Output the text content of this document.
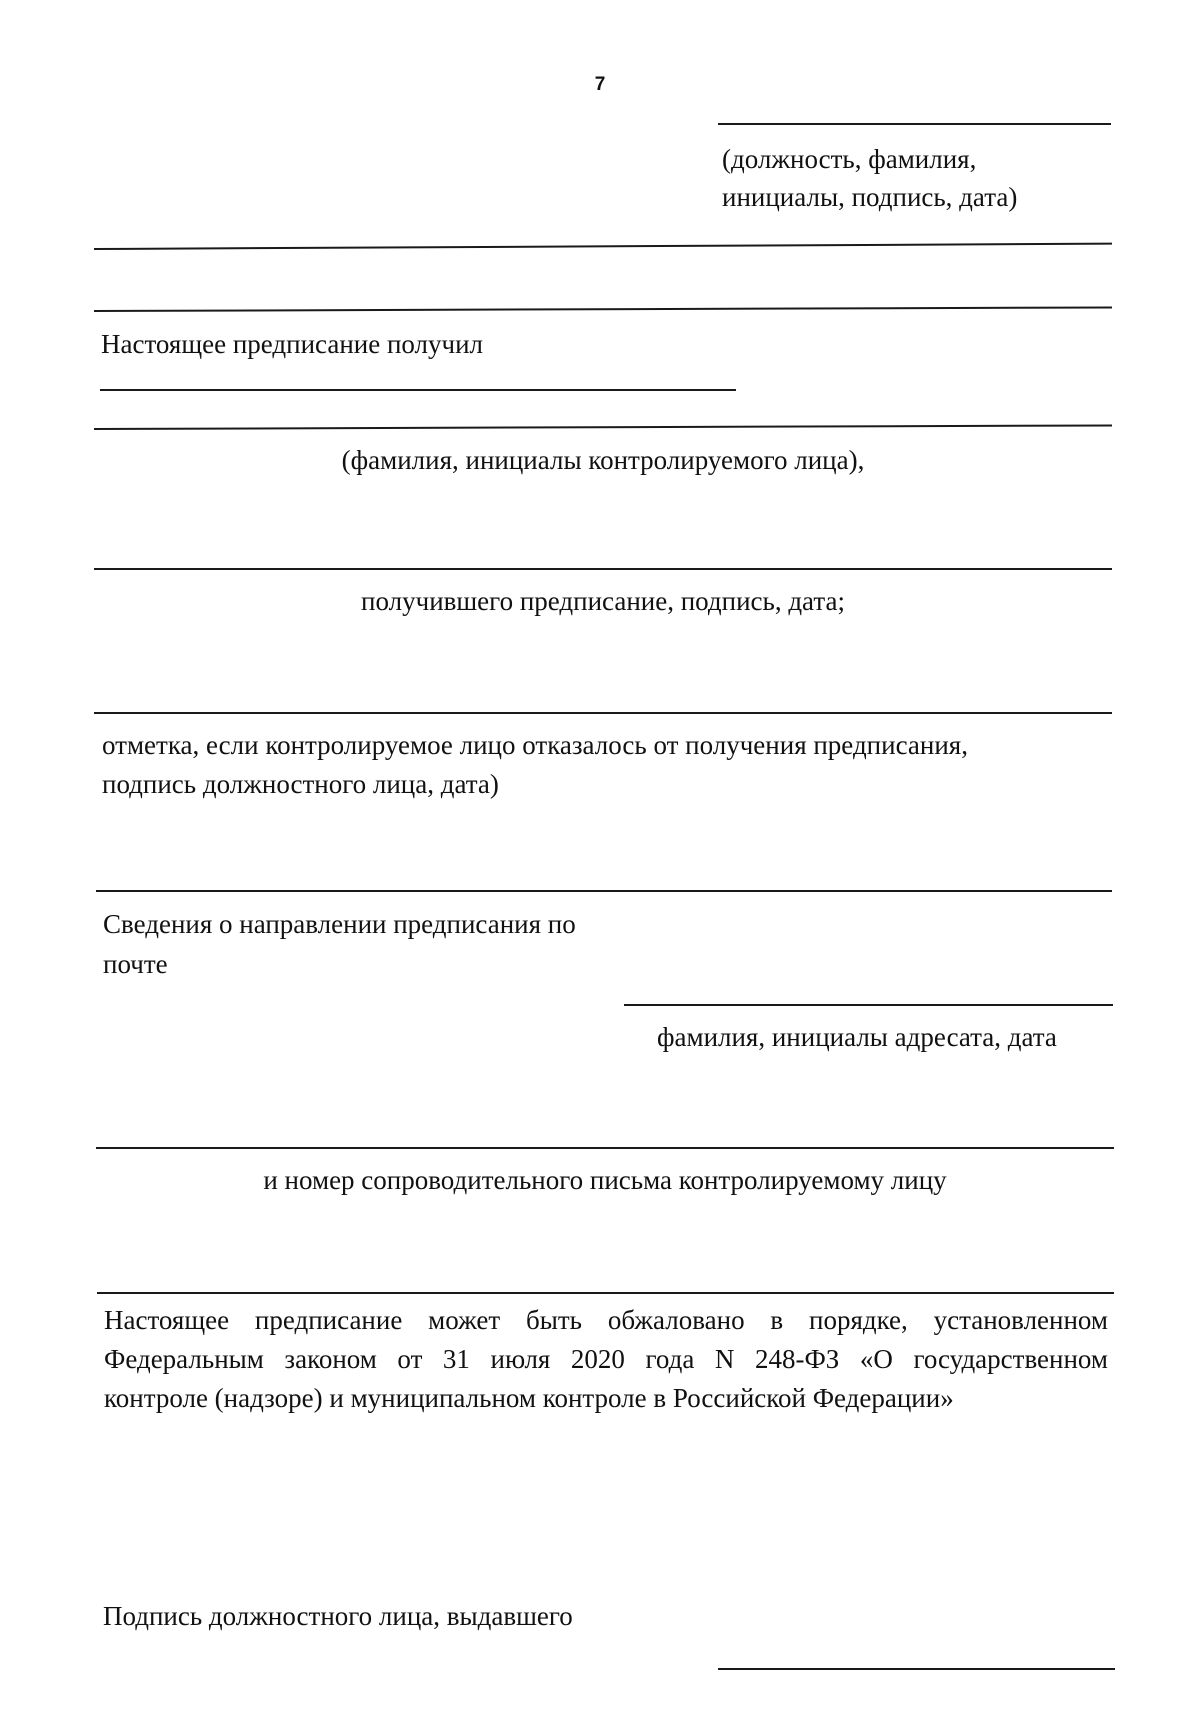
7
(должность, фамилия,
инициалы, подпись, дата)
Настоящее предписание получил
(фамилия, инициалы контролируемого лица),
получившего предписание, подпись, дата;
отметка, если контролируемое лицо отказалось от получения предписания,
подпись должностного лица, дата)
Сведения о направлении предписания по
почте
фамилия, инициалы адресата, дата
и номер сопроводительного письма контролируемому лицу
Настоящее предписание может быть обжаловано в порядке, установленном
Федеральным законом от 31 июля 2020 года N 248-ФЗ «О государственном
контроле (надзоре) и муниципальном контроле в Российской Федерации»
Подпись должностного лица, выдавшего
